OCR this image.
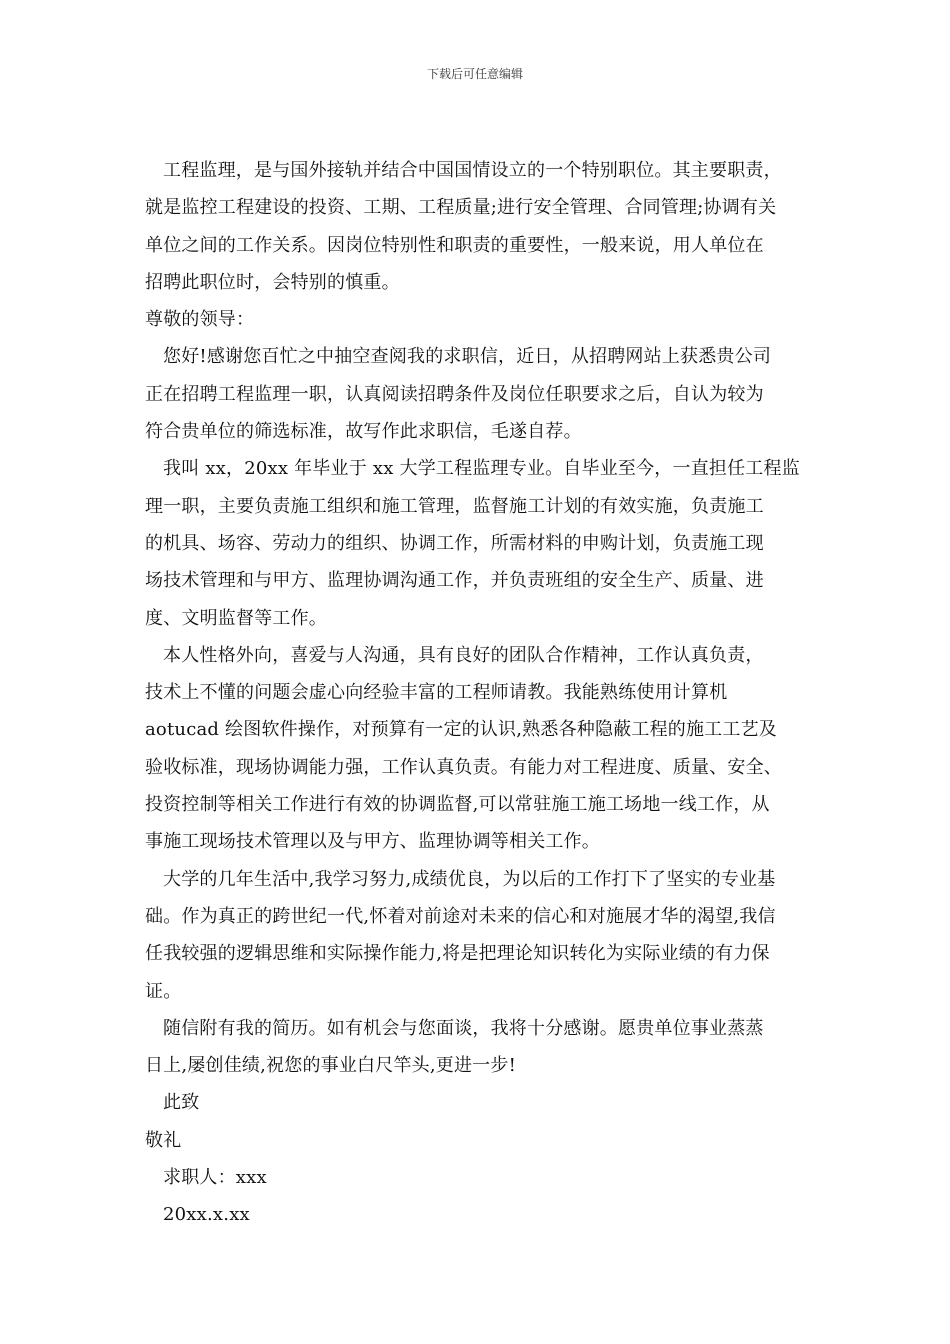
下载后可任意编辑
工程监理，是与国外接轨并结合中国国情设立的一个特别职位。其主要职责，
就是监控工程建设的投资、工期、工程质量;进行安全管理、合同管理;协调有关
单位之间的工作关系。因岗位特别性和职责的重要性，一般来说，用人单位在
招聘此职位时，会特别的慎重。
尊敬的领导：
您好!感谢您百忙之中抽空查阅我的求职信，近日，从招聘网站上获悉贵公司
正在招聘工程监理一职，认真阅读招聘条件及岗位任职要求之后，自认为较为
符合贵单位的筛选标准，故写作此求职信，毛遂自荐。
我叫 xx，20xx 年毕业于 xx 大学工程监理专业。自毕业至今，一直担任工程监
理一职，主要负责施工组织和施工管理，监督施工计划的有效实施，负责施工
的机具、场容、劳动力的组织、协调工作，所需材料的申购计划，负责施工现
场技术管理和与甲方、监理协调沟通工作，并负责班组的安全生产、质量、进
度、文明监督等工作。
本人性格外向，喜爱与人沟通，具有良好的团队合作精神，工作认真负责，
技术上不懂的问题会虚心向经验丰富的工程师请教。我能熟练使用计算机
aotucad 绘图软件操作，对预算有一定的认识,熟悉各种隐蔽工程的施工工艺及
验收标准，现场协调能力强，工作认真负责。有能力对工程进度、质量、安全、
投资控制等相关工作进行有效的协调监督,可以常驻施工施工场地一线工作，从
事施工现场技术管理以及与甲方、监理协调等相关工作。
大学的几年生活中,我学习努力,成绩优良，为以后的工作打下了坚实的专业基
础。作为真正的跨世纪一代,怀着对前途对未来的信心和对施展才华的渴望,我信
任我较强的逻辑思维和实际操作能力,将是把理论知识转化为实际业绩的有力保
证。
随信附有我的简历。如有机会与您面谈，我将十分感谢。愿贵单位事业蒸蒸
日上,屡创佳绩,祝您的事业白尺竿头,更进一步!
此致
敬礼
求职人：xxx
20xx.x.xx
